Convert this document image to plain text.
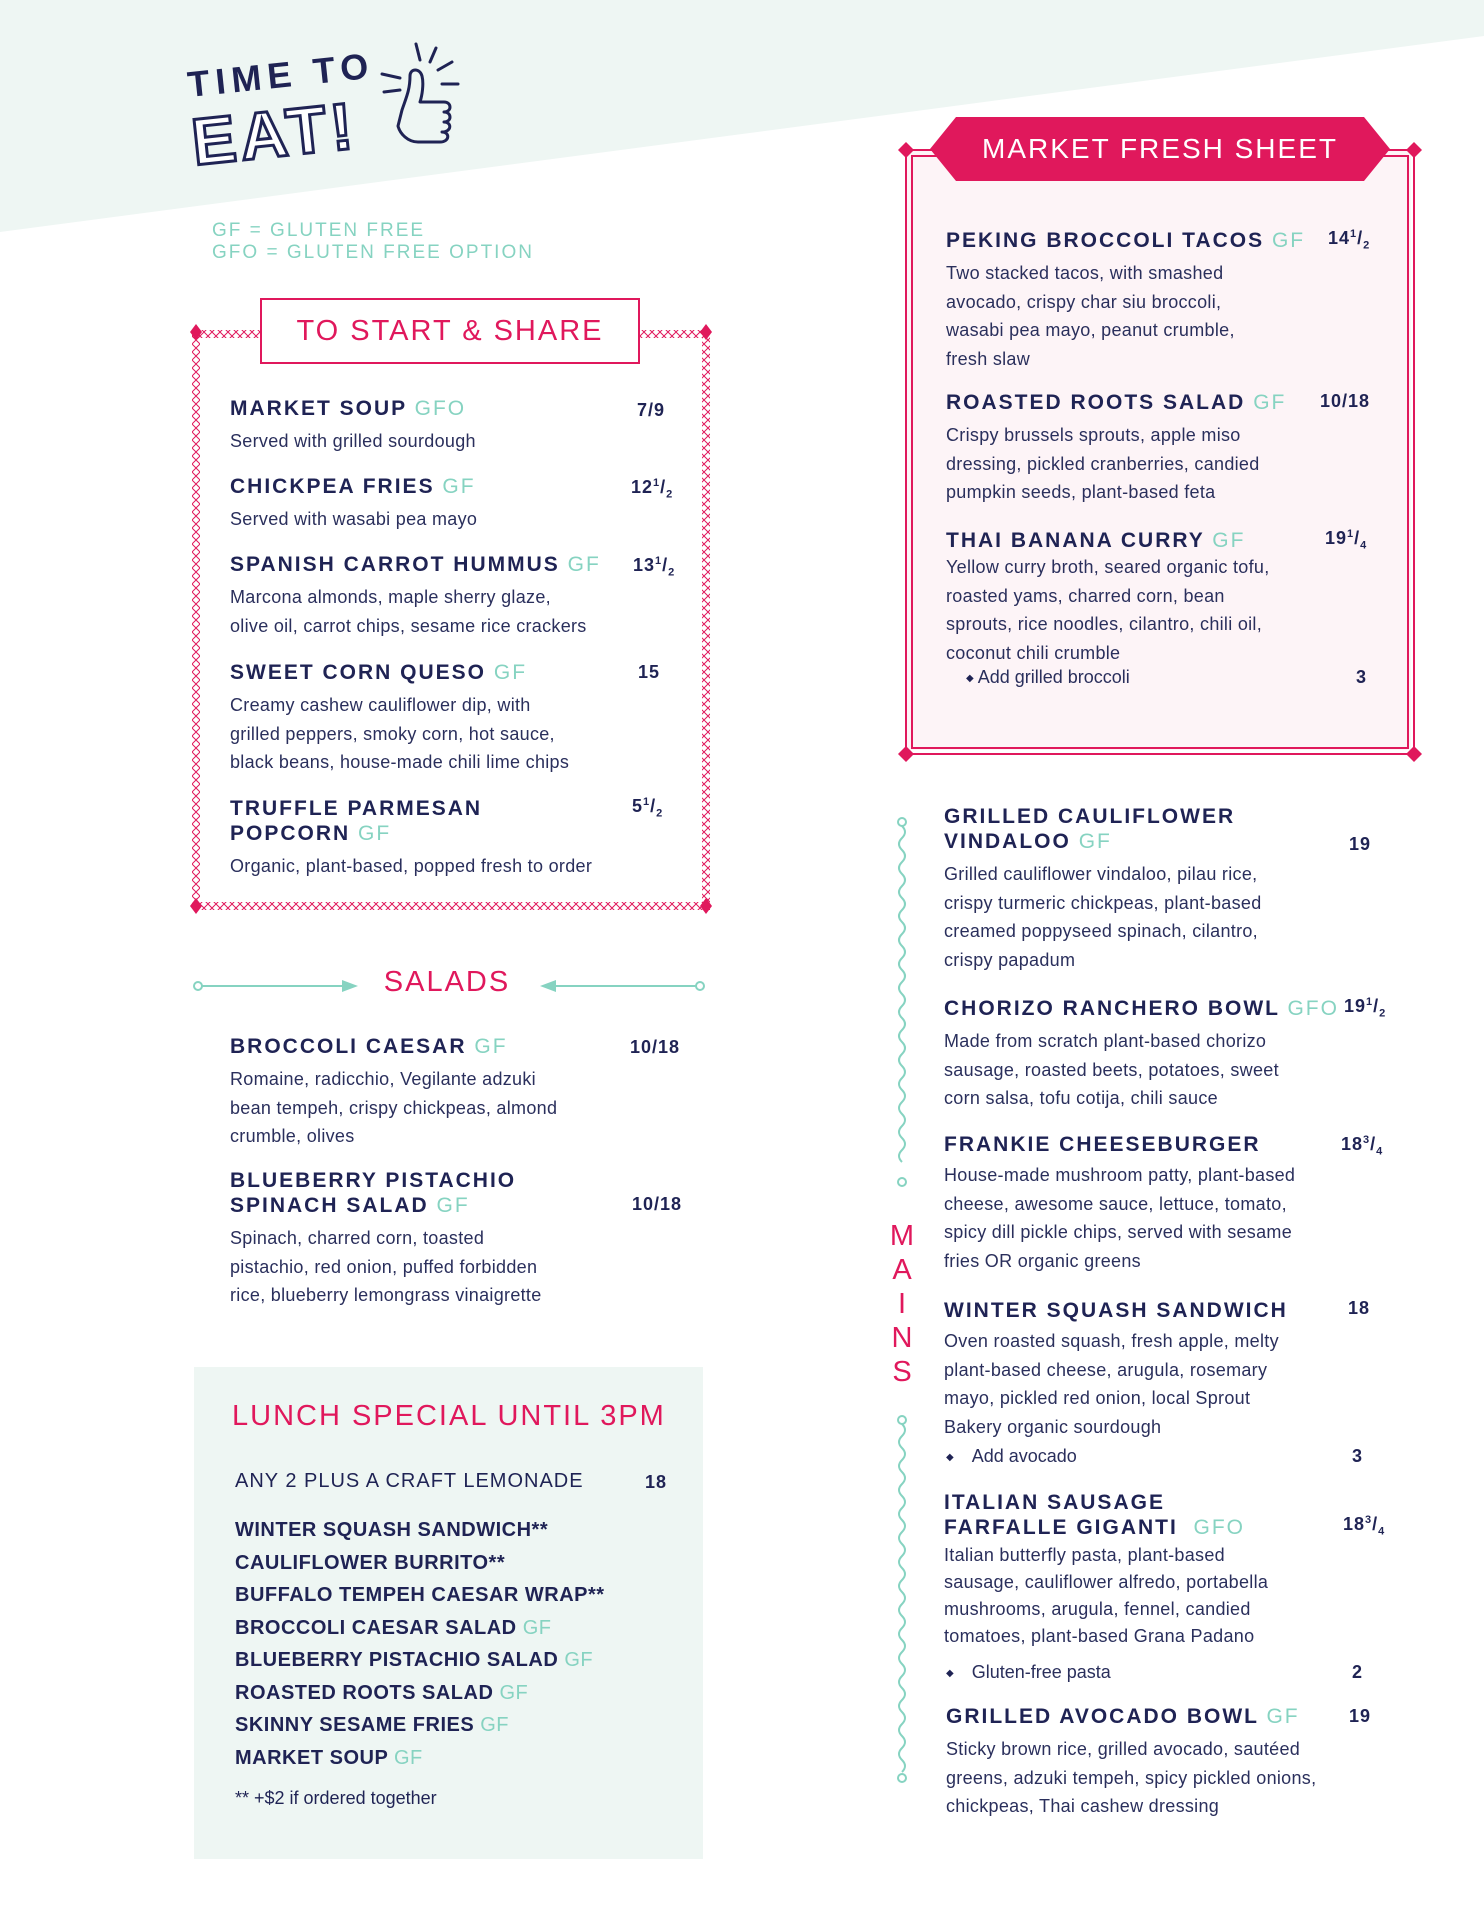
TIME TO
EAT!
GF = GLUTEN FREE
GFO = GLUTEN FREE OPTION
TO START & SHARE
MARKET SOUP GFO
Served with grilled sourdough
7/9
CHICKPEA FRIES GF
Served with wasabi pea mayo
$12^1/_2$
SPANISH CARROT HUMMUS GF
Marcona almonds, maple sherry glaze,
olive oil, carrot chips, sesame rice crackers
$13^1/_2$
SWEET CORN QUESO GF
Creamy cashew cauliflower dip, with
grilled peppers, smoky corn, hot sauce,
black beans, house-made chili lime chips
15
TRUFFLE PARMESAN
POPCORN GF
Organic, plant-based, popped fresh to order
$5^1/_2$
SALADS
BROCCOLI CAESAR GF
Romaine, radicchio, Vegilante adzuki
bean tempeh, crispy chickpeas, almond
crumble, olives
10/18
BLUEBERRY PISTACHIO
SPINACH SALAD GF
Spinach, charred corn, toasted
pistachio, red onion, puffed forbidden
rice, blueberry lemongrass vinaigrette
10/18
LUNCH SPECIAL UNTIL 3PM
ANY 2 PLUS A CRAFT LEMONADE	18
WINTER SQUASH SANDWICH**
CAULIFLOWER BURRITO**
BUFFALO TEMPEH CAESAR WRAP**
BROCCOLI CAESAR SALAD GF
BLUEBERRY PISTACHIO SALAD GF
ROASTED ROOTS SALAD GF
SKINNY SESAME FRIES GF
MARKET SOUP GF
** +$2 if ordered together
MARKET FRESH SHEET
PEKING BROCCOLI TACOS GF
Two stacked tacos, with smashed
avocado, crispy char siu broccoli,
wasabi pea mayo, peanut crumble,
fresh slaw
$14^1/_2$
ROASTED ROOTS SALAD GF
Crispy brussels sprouts, apple miso
dressing, pickled cranberries, candied
pumpkin seeds, plant-based feta
10/18
THAI BANANA CURRY GF
Yellow curry broth, seared organic tofu,
roasted yams, charred corn, bean
sprouts, rice noodles, cilantro, chili oil,
coconut chili crumble
$19^1/_4$
◆ Add grilled broccoli	3
M
A
I
N
S
GRILLED CAULIFLOWER
VINDALOO GF
Grilled cauliflower vindaloo, pilau rice,
crispy turmeric chickpeas, plant-based
creamed poppyseed spinach, cilantro,
crispy papadum
19
CHORIZO RANCHERO BOWL GFO
Made from scratch plant-based chorizo
sausage, roasted beets, potatoes, sweet
corn salsa, tofu cotija, chili sauce
$19^1/_2$
FRANKIE CHEESEBURGER
House-made mushroom patty, plant-based
cheese, awesome sauce, lettuce, tomato,
spicy dill pickle chips, served with sesame
fries OR organic greens
$18^3/_4$
WINTER SQUASH SANDWICH
Oven roasted squash, fresh apple, melty
plant-based cheese, arugula, rosemary
mayo, pickled red onion, local Sprout
Bakery organic sourdough
18
◆ Add avocado	3
ITALIAN SAUSAGE
FARFALLE GIGANTI GFO
Italian butterfly pasta, plant-based
sausage, cauliflower alfredo, portabella
mushrooms, arugula, fennel, candied
tomatoes, plant-based Grana Padano
$18^3/_4$
◆ Gluten-free pasta	2
GRILLED AVOCADO BOWL GF
Sticky brown rice, grilled avocado, sautéed
greens, adzuki tempeh, spicy pickled onions,
chickpeas, Thai cashew dressing
19
